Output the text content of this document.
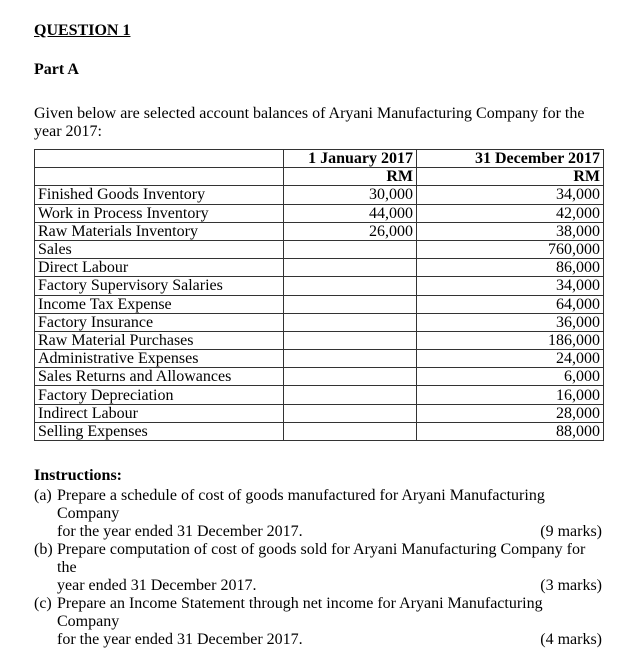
QUESTION 1
Part A
Given below are selected account balances of Aryani Manufacturing Company for the year 2017:
	1 January 2017	31 December 2017
	RM	RM
Finished Goods Inventory	30,000	34,000
Work in Process Inventory	44,000	42,000
Raw Materials Inventory	26,000	38,000
Sales		760,000
Direct Labour		86,000
Factory Supervisory Salaries		34,000
Income Tax Expense		64,000
Factory Insurance		36,000
Raw Material Purchases		186,000
Administrative Expenses		24,000
Sales Returns and Allowances		6,000
Factory Depreciation		16,000
Indirect Labour		28,000
Selling Expenses		88,000
Instructions:
(a) Prepare a schedule of cost of goods manufactured for Aryani Manufacturing Company
for the year ended 31 December 2017.	(9 marks)
(b) Prepare computation of cost of goods sold for Aryani Manufacturing Company for the
year ended 31 December 2017.	(3 marks)
(c) Prepare an Income Statement through net income for Aryani Manufacturing Company
for the year ended 31 December 2017.	(4 marks)
